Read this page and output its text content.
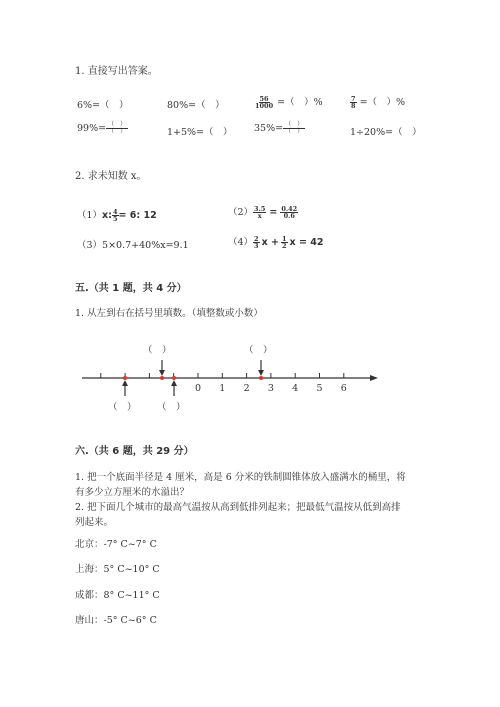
1. 直接写出答案。
6%=（　）	80%=（　）	$\frac{56}{1000}$ =（　）%	$\frac{7}{8}$ =（　）%
$99\%= \frac{( )}{( )}$	1+5%=（　） $35\%= \frac{( )}{( )}$	1÷20%=（　）
2. 求未知数 x。
（1）x: $\frac{4}{5} = 6$: 12	$(2) \frac{3.5}{x} = \frac{0.42}{0.6}$
（3）5×0.7+40%x=9.1	$(4) \frac{2}{3}$ $x + \frac{1}{2}$ x = 42
五.（共 1 题，共 4 分）
1. 从左到右在括号里填数。（填整数或小数）
0 1 2 3 4 5 6
（　）	（　）
（　） （　）
六.（共 6 题，共 29 分）
1. 把一个底面半径是 4 厘米，高是 6 分米的铁制圆锥体放入盛满水的桶里，将
有多少立方厘米的水溢出？
2. 把下面几个城市的最高气温按从高到低排列起来；把最低气温按从低到高排
列起来。
北京：-7° C~7° C
上海：5° C~10° C
成都：8° C~11° C
唐山：-5° C~6° C
